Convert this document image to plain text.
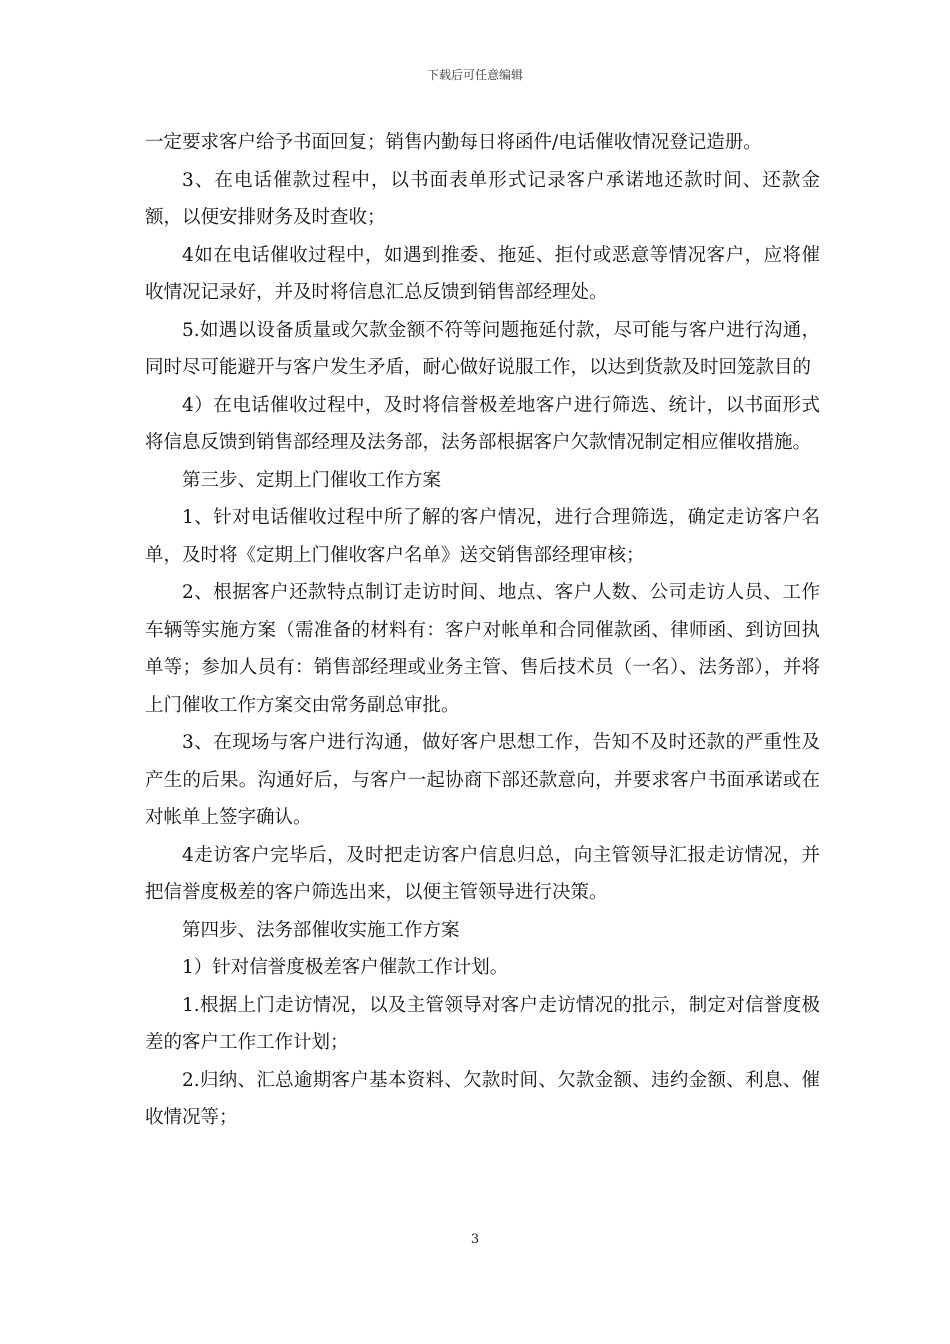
下载后可任意编辑

一定要求客户给予书面回复；销售内勤每日将函件/电话催收情况登记造册。

3、在电话催款过程中，以书面表单形式记录客户承诺地还款时间、还款金额，以便安排财务及时查收；

4如在电话催收过程中，如遇到推委、拖延、拒付或恶意等情况客户，应将催收情况记录好，并及时将信息汇总反馈到销售部经理处。

5.如遇以设备质量或欠款金额不符等问题拖延付款，尽可能与客户进行沟通，同时尽可能避开与客户发生矛盾，耐心做好说服工作，以达到货款及时回笼款目的

4）在电话催收过程中，及时将信誉极差地客户进行筛选、统计，以书面形式将信息反馈到销售部经理及法务部，法务部根据客户欠款情况制定相应催收措施。

第三步、定期上门催收工作方案

1、针对电话催收过程中所了解的客户情况，进行合理筛选，确定走访客户名单，及时将《定期上门催收客户名单》送交销售部经理审核；

2、根据客户还款特点制订走访时间、地点、客户人数、公司走访人员、工作车辆等实施方案（需准备的材料有：客户对帐单和合同催款函、律师函、到访回执单等；参加人员有：销售部经理或业务主管、售后技术员（一名）、法务部），并将上门催收工作方案交由常务副总审批。

3、在现场与客户进行沟通，做好客户思想工作，告知不及时还款的严重性及产生的后果。沟通好后，与客户一起协商下部还款意向，并要求客户书面承诺或在对帐单上签字确认。

4走访客户完毕后，及时把走访客户信息归总，向主管领导汇报走访情况，并把信誉度极差的客户筛选出来，以便主管领导进行决策。

第四步、法务部催收实施工作方案

1）针对信誉度极差客户催款工作计划。

1.根据上门走访情况，以及主管领导对客户走访情况的批示，制定对信誉度极差的客户工作工作计划；

2.归纳、汇总逾期客户基本资料、欠款时间、欠款金额、违约金额、利息、催收情况等；

3
